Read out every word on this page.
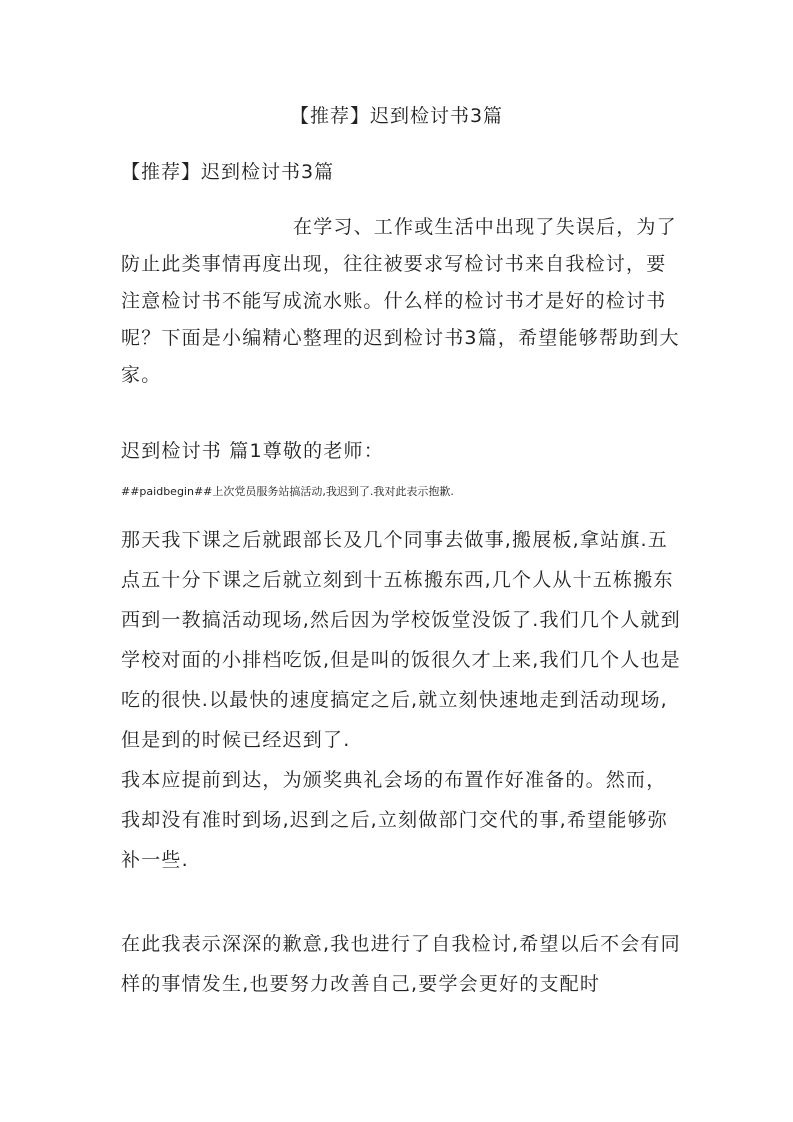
【推荐】迟到检讨书3篇
【推荐】迟到检讨书3篇
在学习、工作或生活中出现了失误后，为了防止此类事情再度出现，往往被要求写检讨书来自我检讨，要注意检讨书不能写成流水账。什么样的检讨书才是好的检讨书呢？下面是小编精心整理的迟到检讨书3篇，希望能够帮助到大家。
迟到检讨书 篇1尊敬的老师：
##paidbegin##上次党员服务站搞活动,我迟到了.我对此表示抱歉.
那天我下课之后就跟部长及几个同事去做事,搬展板,拿站旗.五点五十分下课之后就立刻到十五栋搬东西,几个人从十五栋搬东西到一教搞活动现场,然后因为学校饭堂没饭了.我们几个人就到学校对面的小排档吃饭,但是叫的饭很久才上来,我们几个人也是吃的很快.以最快的速度搞定之后,就立刻快速地走到活动现场,但是到的时候已经迟到了.
我本应提前到达，为颁奖典礼会场的布置作好准备的。然而，我却没有准时到场,迟到之后,立刻做部门交代的事,希望能够弥补一些.
在此我表示深深的歉意,我也进行了自我检讨,希望以后不会有同样的事情发生,也要努力改善自己,要学会更好的支配时
